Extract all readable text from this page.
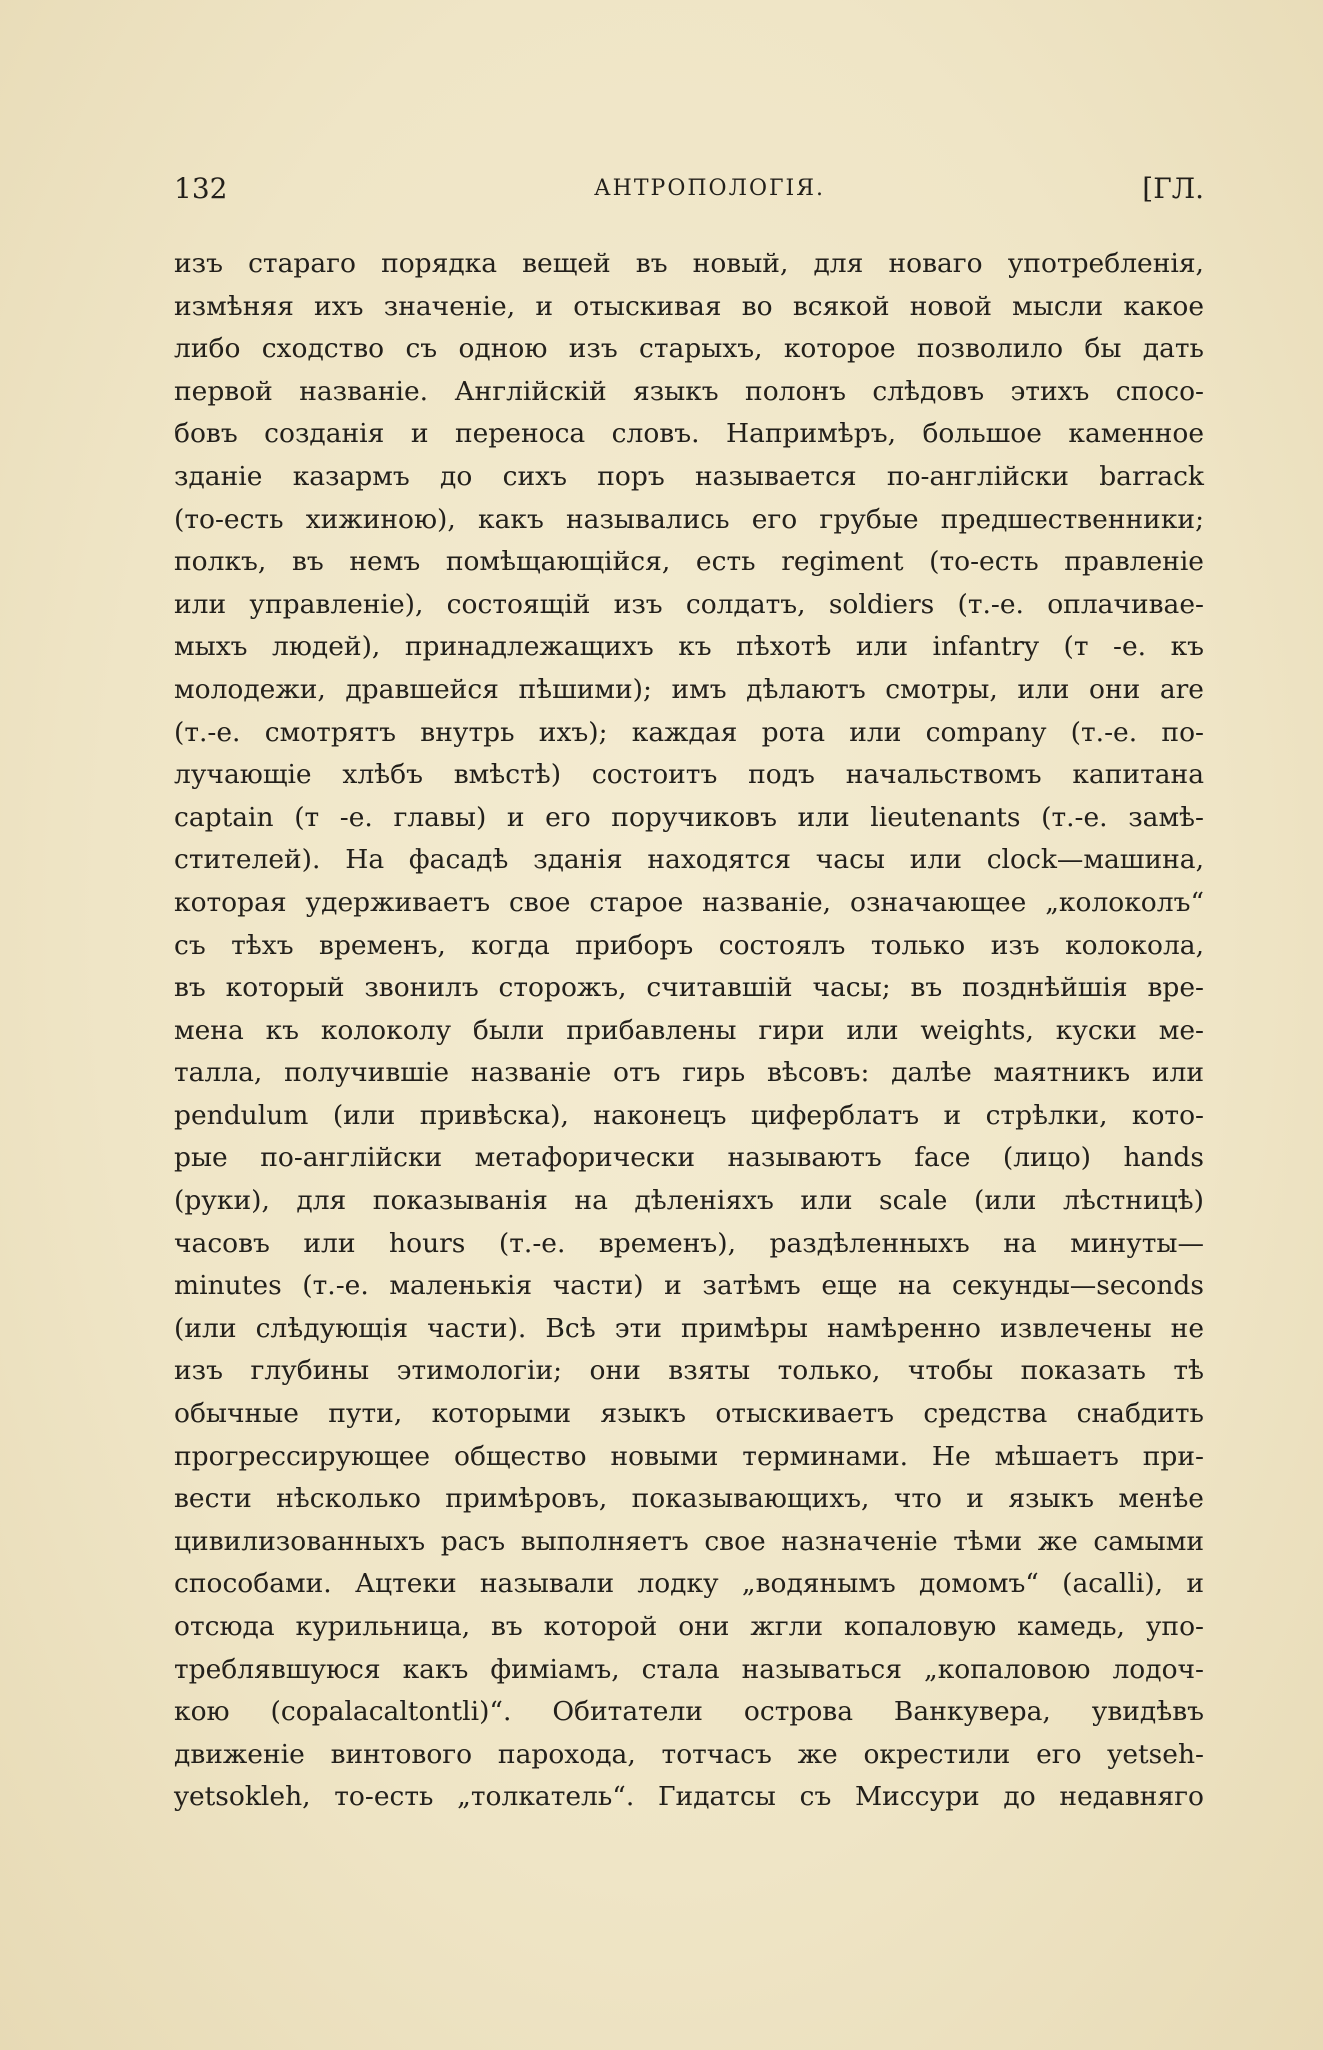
132	АНТРОПОЛОГІЯ.	[ГЛ.
изъ стараго порядка вещей въ новый, для новаго употребленія,
измѣняя ихъ значеніе, и отыскивая во всякой новой мысли какое
либо сходство съ одною изъ старыхъ, которое позволило бы дать
первой названіе. Англійскій языкъ полонъ слѣдовъ этихъ спосо-
бовъ созданія и переноса словъ. Напримѣръ, большое каменное
зданіе казармъ до сихъ поръ называется по-англійски barrack
(то-есть хижиною), какъ назывались его грубые предшественники;
полкъ, въ немъ помѣщающійся, есть regiment (то-есть правленіе
или управленіе), состоящій изъ солдатъ, soldiers (т.-е. оплачивае-
мыхъ людей), принадлежащихъ къ пѣхотѣ или infantry (т -е. къ
молодежи, дравшейся пѣшими); имъ дѣлаютъ смотры, или они are
(т.-е. смотрятъ внутрь ихъ); каждая рота или company (т.-е. по-
лучающіе хлѣбъ вмѣстѣ) состоитъ подъ начальствомъ капитана
captain (т -е. главы) и его поручиковъ или lieutenants (т.-е. замѣ-
стителей). На фасадѣ зданія находятся часы или clock—машина,
которая удерживаетъ свое старое названіе, означающее „колоколъ“
съ тѣхъ временъ, когда приборъ состоялъ только изъ колокола,
въ который звонилъ сторожъ, считавшій часы; въ позднѣйшія вре-
мена къ колоколу были прибавлены гири или weights, куски ме-
талла, получившіе названіе отъ гирь вѣсовъ: далѣе маятникъ или
pendulum (или привѣска), наконецъ циферблатъ и стрѣлки, кото-
рые по-англійски метафорически называютъ face (лицо) hands
(руки), для показыванія на дѣленіяхъ или scale (или лѣстницѣ)
часовъ или hours (т.-е. временъ), раздѣленныхъ на минуты—
minutes (т.-е. маленькія части) и затѣмъ еще на секунды—seconds
(или слѣдующія части). Всѣ эти примѣры намѣренно извлечены не
изъ глубины этимологіи; они взяты только, чтобы показать тѣ
обычные пути, которыми языкъ отыскиваетъ средства снабдить
прогрессирующее общество новыми терминами. Не мѣшаетъ при-
вести нѣсколько примѣровъ, показывающихъ, что и языкъ менѣе
цивилизованныхъ расъ выполняетъ свое назначеніе тѣми же самыми
способами. Ацтеки называли лодку „водянымъ домомъ“ (acalli), и
отсюда курильница, въ которой они жгли копаловую камедь, упо-
треблявшуюся какъ фиміамъ, стала называться „копаловою лодоч-
кою (copalacaltontli)“. Обитатели острова Ванкувера, увидѣвъ
движеніе винтового парохода, тотчасъ же окрестили его yetseh-
yetsokleh, то-есть „толкатель“. Гидатсы съ Миссури до недавняго
